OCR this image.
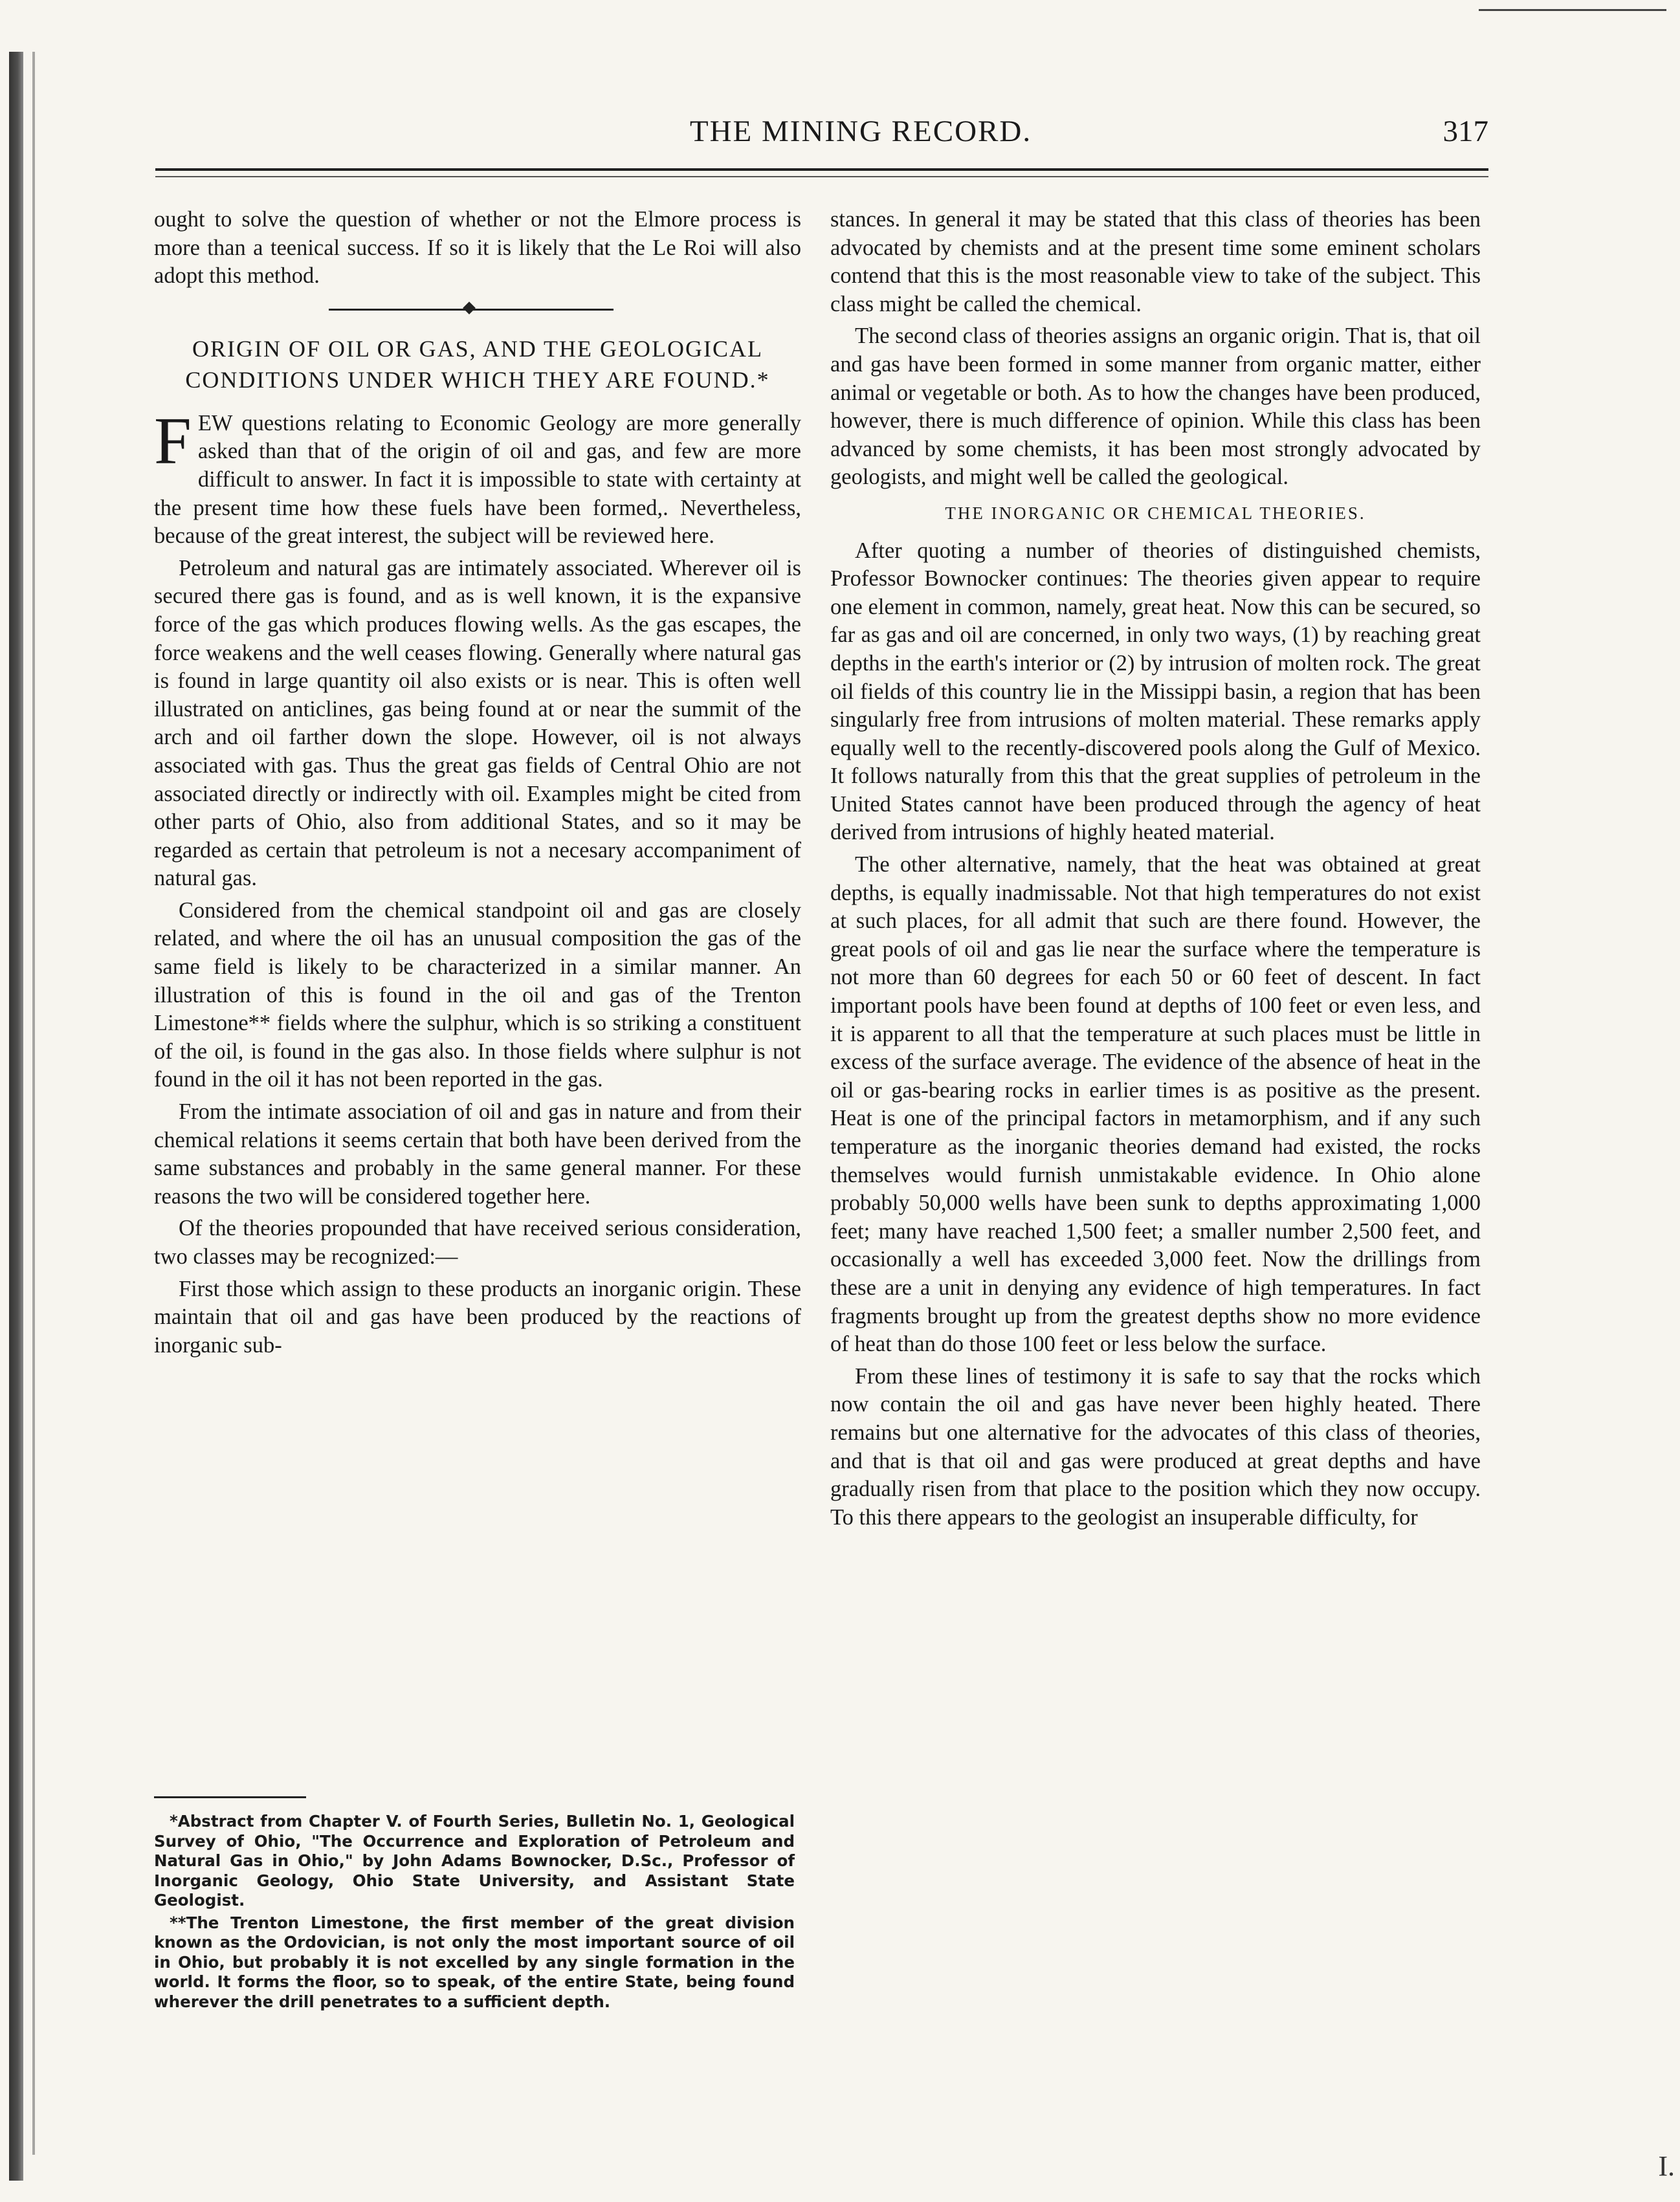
THE MINING RECORD.	317

ought to solve the question of whether or not the Elmore process is more than a teenical success. If so it is likely that the Le Roi will also adopt this method.

ORIGIN OF OIL OR GAS, AND THE GEOLOGICAL CONDITIONS UNDER WHICH THEY ARE FOUND.*

FEW questions relating to Economic Geology are more generally asked than that of the origin of oil and gas, and few are more difficult to answer. In fact it is impossible to state with certainty at the present time how these fuels have been formed,. Nevertheless, because of the great interest, the subject will be reviewed here.

Petroleum and natural gas are intimately associated. Wherever oil is secured there gas is found, and as is well known, it is the expansive force of the gas which produces flowing wells. As the gas escapes, the force weakens and the well ceases flowing. Generally where natural gas is found in large quantity oil also exists or is near. This is often well illustrated on anticlines, gas being found at or near the summit of the arch and oil farther down the slope. However, oil is not always associated with gas. Thus the great gas fields of Central Ohio are not associated directly or indirectly with oil. Examples might be cited from other parts of Ohio, also from additional States, and so it may be regarded as certain that petroleum is not a necesary accompaniment of natural gas.

Considered from the chemical standpoint oil and gas are closely related, and where the oil has an unusual composition the gas of the same field is likely to be characterized in a similar manner. An illustration of this is found in the oil and gas of the Trenton Limestone** fields where the sulphur, which is so striking a constituent of the oil, is found in the gas also. In those fields where sulphur is not found in the oil it has not been reported in the gas.

From the intimate association of oil and gas in nature and from their chemical relations it seems certain that both have been derived from the same substances and probably in the same general manner. For these reasons the two will be considered together here.

Of the theories propounded that have received serious consideration, two classes may be recognized:—

First those which assign to these products an inorganic origin. These maintain that oil and gas have been produced by the reactions of inorganic sub-

*Abstract from Chapter V. of Fourth Series, Bulletin No. 1, Geological Survey of Ohio, "The Occurrence and Exploration of Petroleum and Natural Gas in Ohio," by John Adams Bownocker, D.Sc., Professor of Inorganic Geology, Ohio State University, and Assistant State Geologist.

**The Trenton Limestone, the first member of the great division known as the Ordovician, is not only the most important source of oil in Ohio, but probably it is not excelled by any single formation in the world. It forms the floor, so to speak, of the entire State, being found wherever the drill penetrates to a sufficient depth.

stances. In general it may be stated that this class of theories has been advocated by chemists and at the present time some eminent scholars contend that this is the most reasonable view to take of the subject. This class might be called the chemical.

The second class of theories assigns an organic origin. That is, that oil and gas have been formed in some manner from organic matter, either animal or vegetable or both. As to how the changes have been produced, however, there is much difference of opinion. While this class has been advanced by some chemists, it has been most strongly advocated by geologists, and might well be called the geological.

THE INORGANIC OR CHEMICAL THEORIES.

After quoting a number of theories of distinguished chemists, Professor Bownocker continues: The theories given appear to require one element in common, namely, great heat. Now this can be secured, so far as gas and oil are concerned, in only two ways, (1) by reaching great depths in the earth's interior or (2) by intrusion of molten rock. The great oil fields of this country lie in the Missippi basin, a region that has been singularly free from intrusions of molten material. These remarks apply equally well to the recently-discovered pools along the Gulf of Mexico. It follows naturally from this that the great supplies of petroleum in the United States cannot have been produced through the agency of heat derived from intrusions of highly heated material.

The other alternative, namely, that the heat was obtained at great depths, is equally inadmissable. Not that high temperatures do not exist at such places, for all admit that such are there found. However, the great pools of oil and gas lie near the surface where the temperature is not more than 60 degrees for each 50 or 60 feet of descent. In fact important pools have been found at depths of 100 feet or even less, and it is apparent to all that the temperature at such places must be little in excess of the surface average. The evidence of the absence of heat in the oil or gas-bearing rocks in earlier times is as positive as the present. Heat is one of the principal factors in metamorphism, and if any such temperature as the inorganic theories demand had existed, the rocks themselves would furnish unmistakable evidence. In Ohio alone probably 50,000 wells have been sunk to depths approximating 1,000 feet; many have reached 1,500 feet; a smaller number 2,500 feet, and occasionally a well has exceeded 3,000 feet. Now the drillings from these are a unit in denying any evidence of high temperatures. In fact fragments brought up from the greatest depths show no more evidence of heat than do those 100 feet or less below the surface.

From these lines of testimony it is safe to say that the rocks which now contain the oil and gas have never been highly heated. There remains but one alternative for the advocates of this class of theories, and that is that oil and gas were produced at great depths and have gradually risen from that place to the position which they now occupy. To this there appears to the geologist an insuperable difficulty, for

I.
